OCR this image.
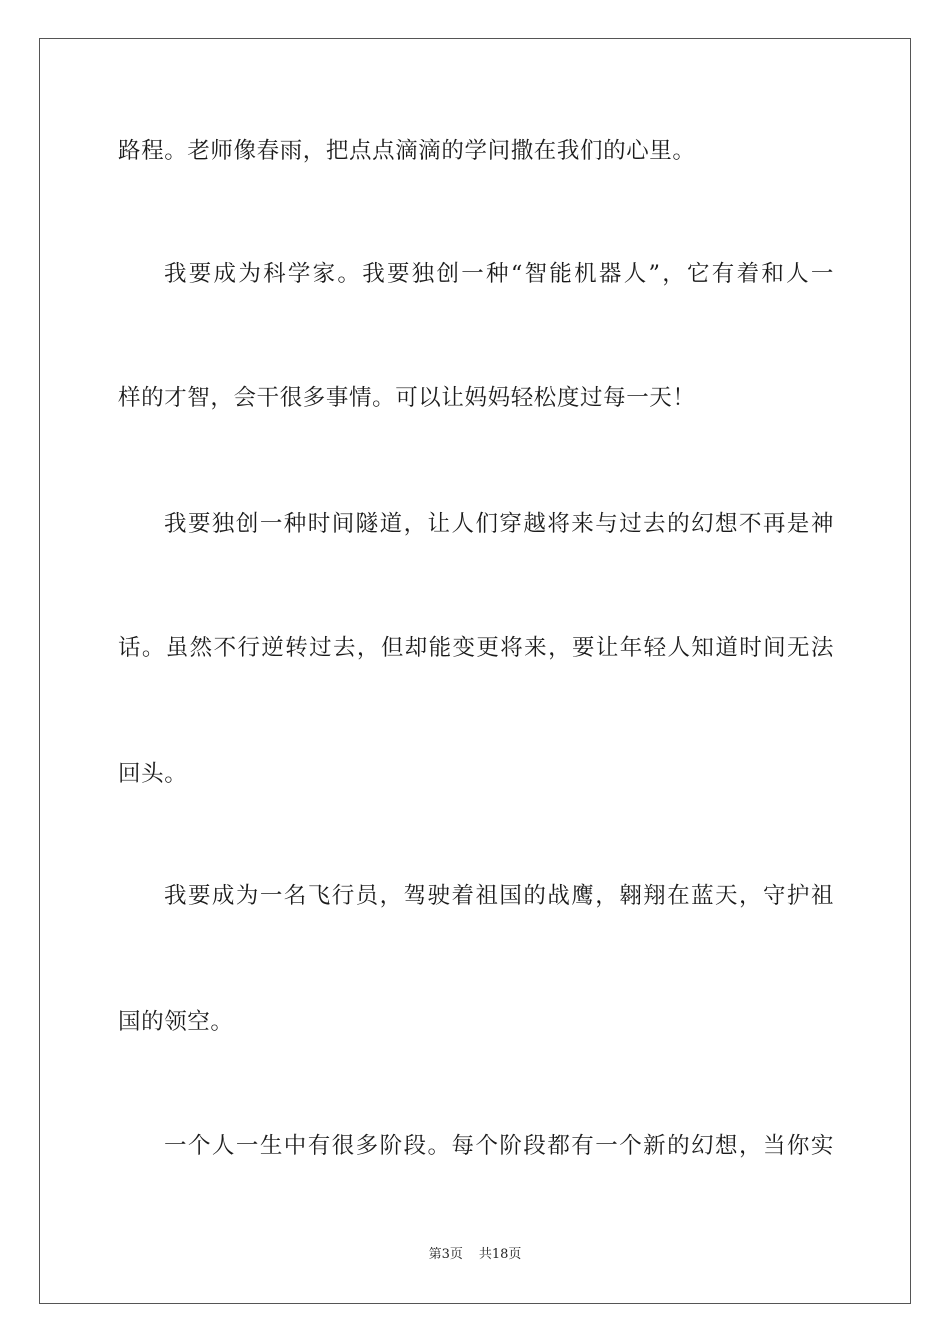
路程。老师像春雨，把点点滴滴的学问撒在我们的心里。

我要成为科学家。我要独创一种“智能机器人”，它有着和人一

样的才智，会干很多事情。可以让妈妈轻松度过每一天！

我要独创一种时间隧道，让人们穿越将来与过去的幻想不再是神

话。虽然不行逆转过去，但却能变更将来，要让年轻人知道时间无法

回头。

我要成为一名飞行员，驾驶着祖国的战鹰，翱翔在蓝天，守护祖

国的领空。

一个人一生中有很多阶段。每个阶段都有一个新的幻想，当你实

第3页 共18页
